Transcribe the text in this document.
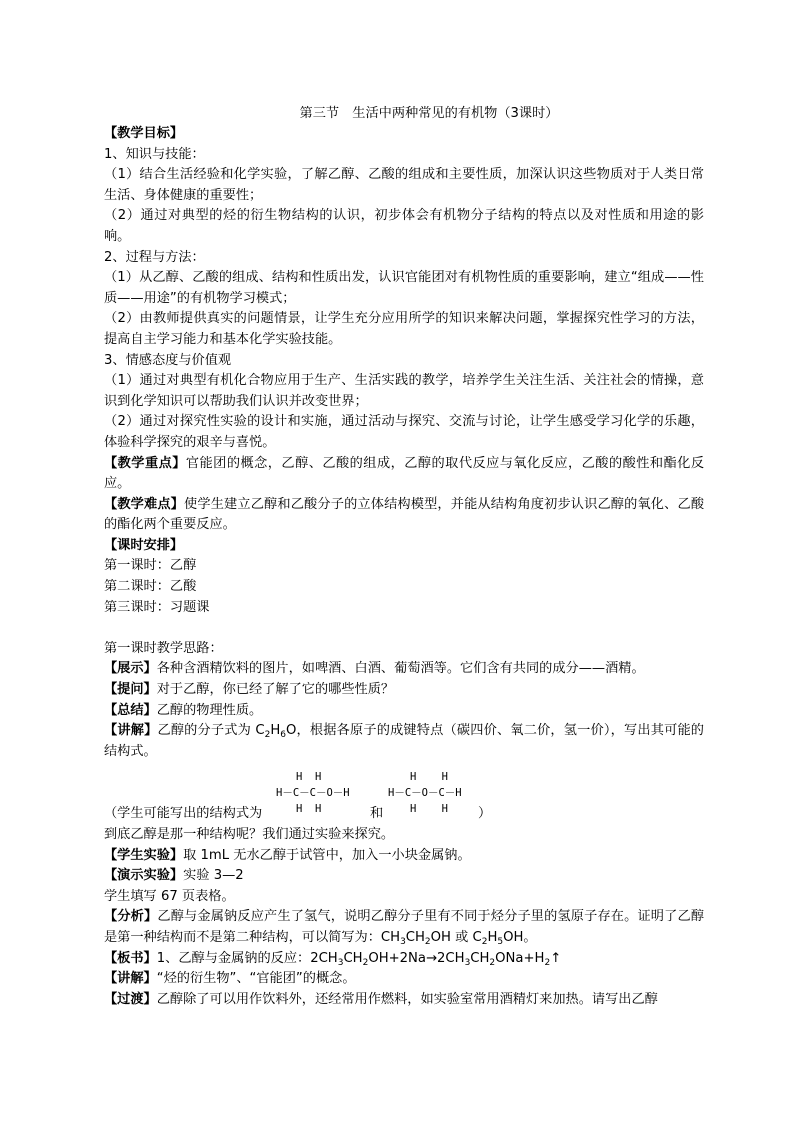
第三节　生活中两种常见的有机物（3课时）

【教学目标】

1、知识与技能：

（1）结合生活经验和化学实验，了解乙醇、乙酸的组成和主要性质，加深认识这些物质对于人类日常生活、身体健康的重要性；

（2）通过对典型的烃的衍生物结构的认识，初步体会有机物分子结构的特点以及对性质和用途的影响。

2、过程与方法：

（1）从乙醇、乙酸的组成、结构和性质出发，认识官能团对有机物性质的重要影响，建立“组成——性质——用途”的有机物学习模式；

（2）由教师提供真实的问题情景，让学生充分应用所学的知识来解决问题，掌握探究性学习的方法，提高自主学习能力和基本化学实验技能。

3、情感态度与价值观

（1）通过对典型有机化合物应用于生产、生活实践的教学，培养学生关注生活、关注社会的情操，意识到化学知识可以帮助我们认识并改变世界；

（2）通过对探究性实验的设计和实施，通过活动与探究、交流与讨论，让学生感受学习化学的乐趣，体验科学探究的艰辛与喜悦。

【教学重点】官能团的概念，乙醇、乙酸的组成，乙醇的取代反应与氧化反应，乙酸的酸性和酯化反应。

【教学难点】使学生建立乙醇和乙酸分子的立体结构模型，并能从结构角度初步认识乙醇的氧化、乙酸的酯化两个重要反应。

【课时安排】

第一课时：乙醇

第二课时：乙酸

第三课时：习题课

第一课时教学思路：

【展示】各种含酒精饮料的图片，如啤酒、白酒、葡萄酒等。它们含有共同的成分——酒精。

【提问】对于乙醇，你已经了解了它的哪些性质？

【总结】乙醇的物理性质。

【讲解】乙醇的分子式为 $C_2H_6O$，根据各原子的成键特点（碳四价、氧二价，氢一价），写出其可能的结构式。

H  H
H－C－C－O－H
H  H
H    H
H－C－O－C－H
H    H
（学生可能写出的结构式为	和	）

到底乙醇是那一种结构呢？我们通过实验来探究。

【学生实验】取 1mL 无水乙醇于试管中，加入一小块金属钠。

【演示实验】实验 3—2

学生填写 67 页表格。

【分析】乙醇与金属钠反应产生了氢气，说明乙醇分子里有不同于烃分子里的氢原子存在。证明了乙醇是第一种结构而不是第二种结构，可以简写为：$CH_3CH_2OH$ 或 $C_2H_5OH$。

【板书】1、乙醇与金属钠的反应：$2CH_3CH_2OH+2Na\to 2CH_3CH_2ONa+H_2↑$

【讲解】“烃的衍生物”、“官能团”的概念。

【过渡】乙醇除了可以用作饮料外，还经常用作燃料，如实验室常用酒精灯来加热。请写出乙醇
